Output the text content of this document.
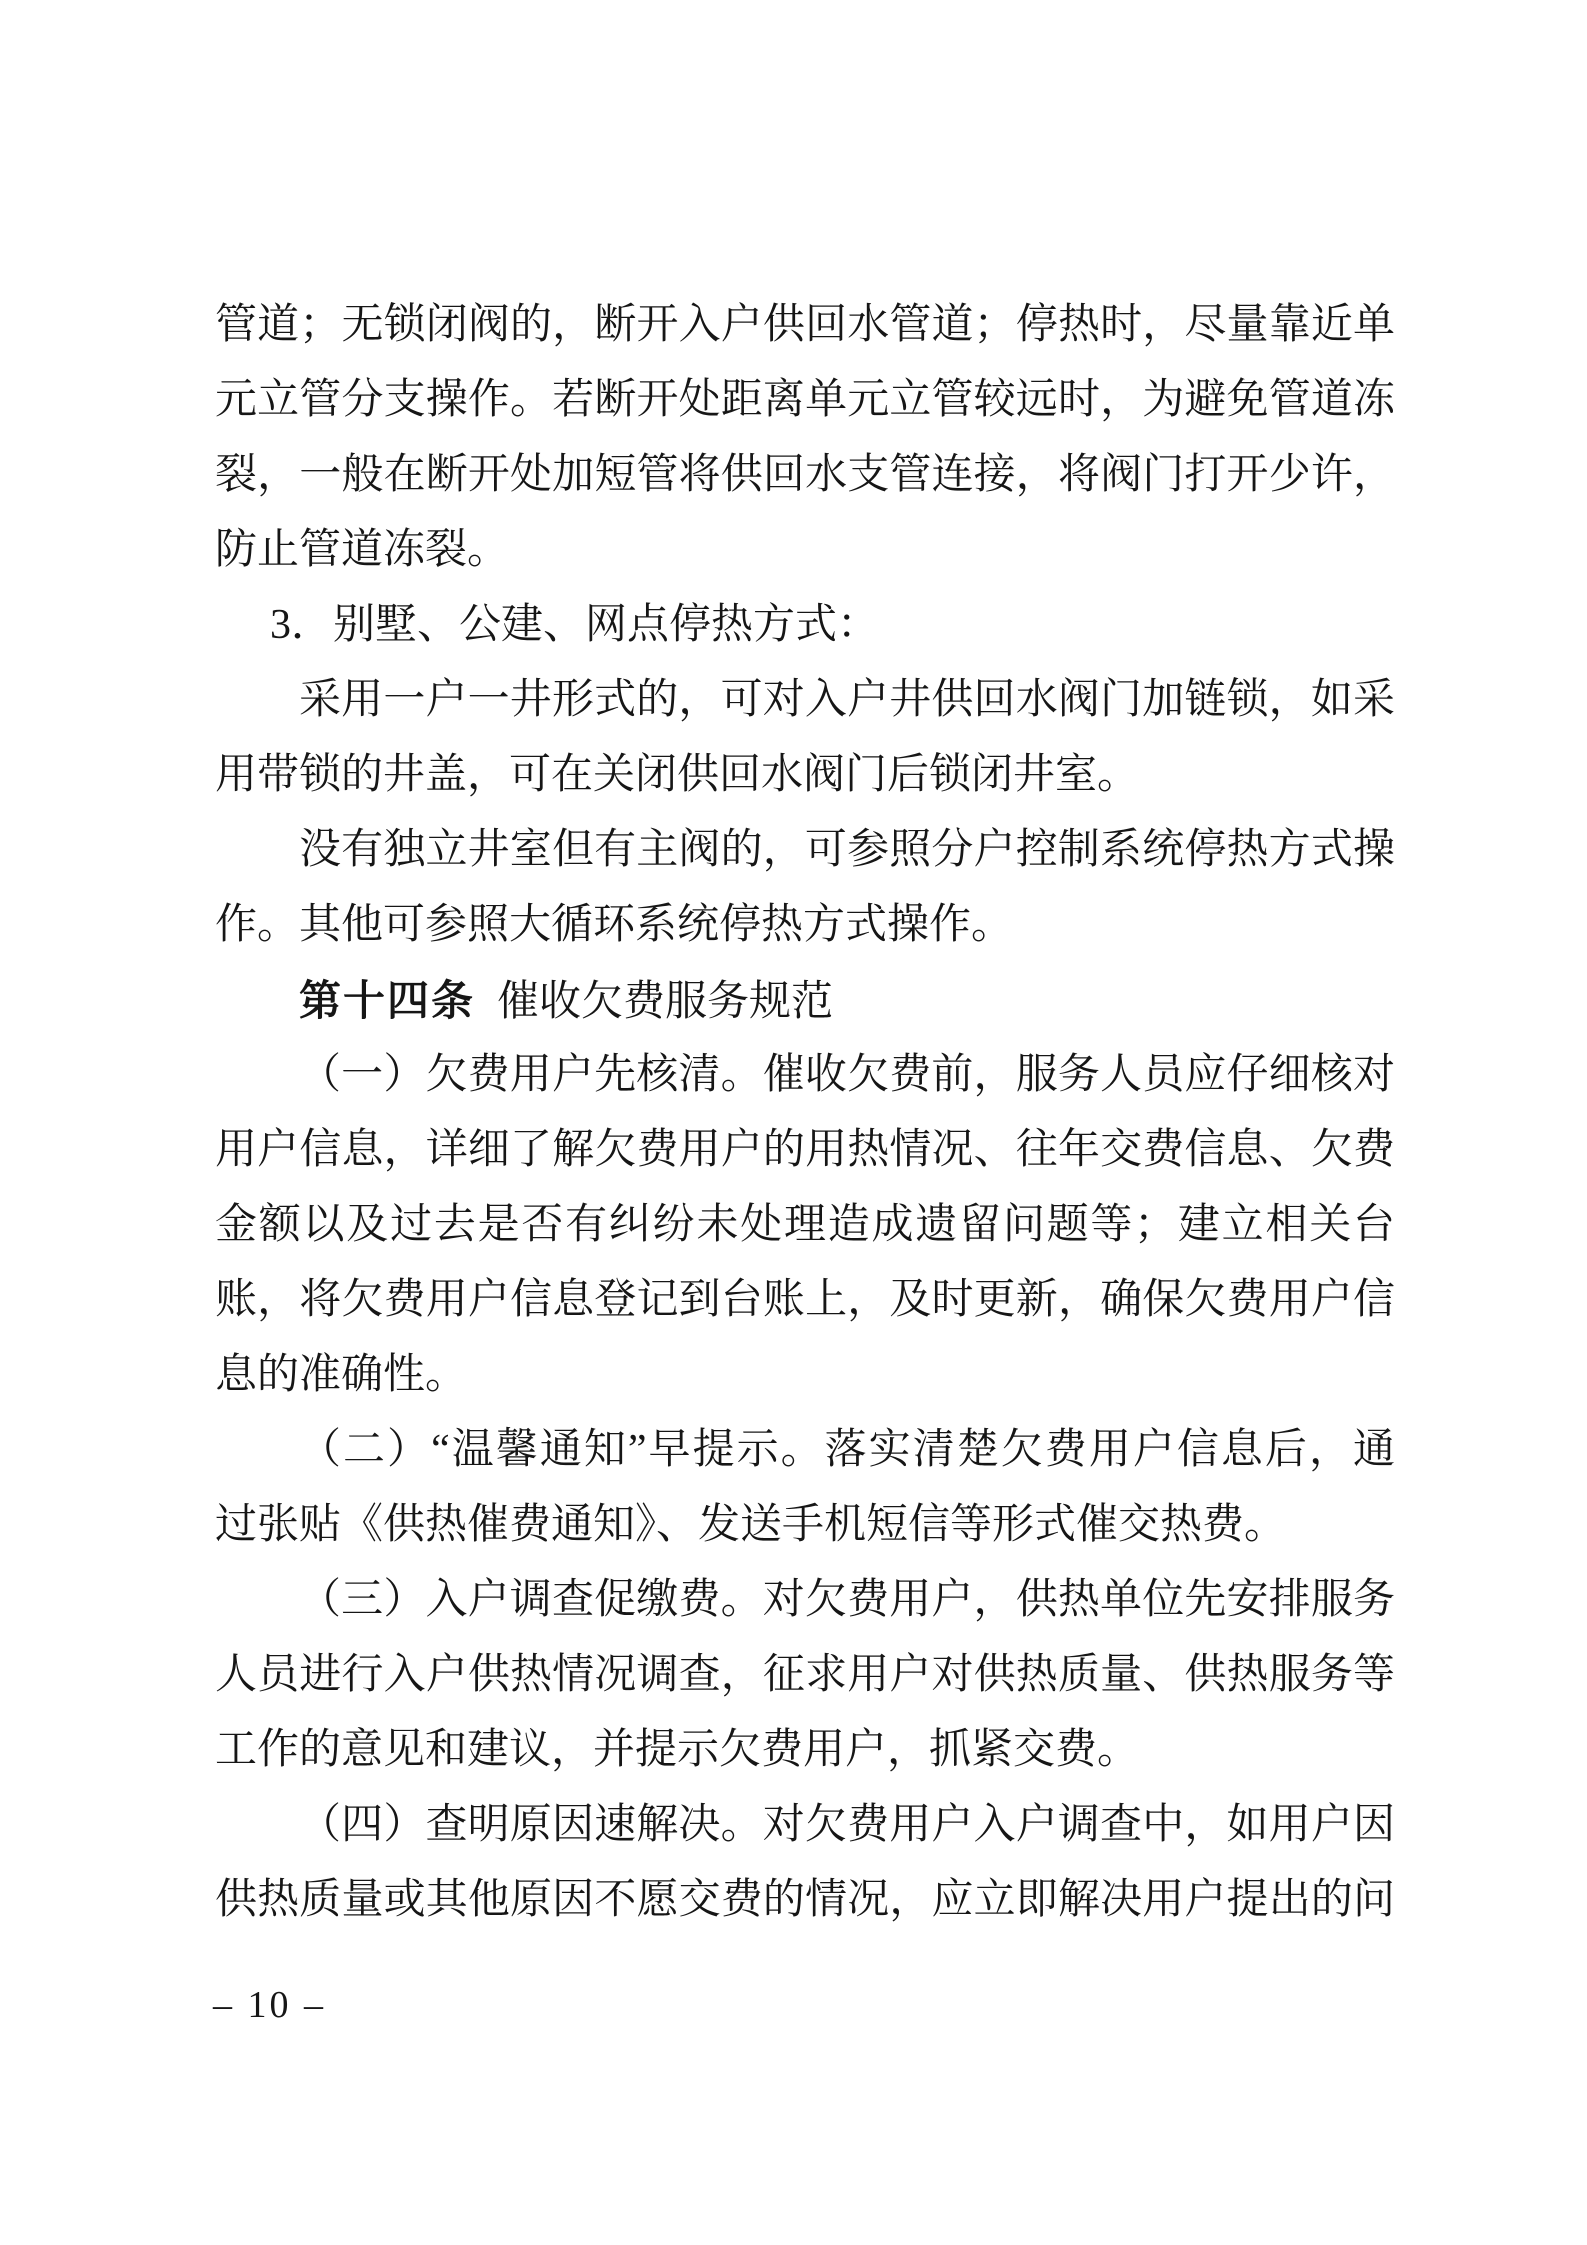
管道；无锁闭阀的，断开入户供回水管道；停热时，尽量靠近单

元立管分支操作。若断开处距离单元立管较远时，为避免管道冻

裂，一般在断开处加短管将供回水支管连接，将阀门打开少许，

防止管道冻裂。

3．别墅、公建、网点停热方式：

采用一户一井形式的，可对入户井供回水阀门加链锁，如采

用带锁的井盖，可在关闭供回水阀门后锁闭井室。

没有独立井室但有主阀的，可参照分户控制系统停热方式操

作。其他可参照大循环系统停热方式操作。

第十四条 催收欠费服务规范

（一）欠费用户先核清。催收欠费前，服务人员应仔细核对

用户信息，详细了解欠费用户的用热情况、往年交费信息、欠费

金额以及过去是否有纠纷未处理造成遗留问题等；建立相关台

账，将欠费用户信息登记到台账上，及时更新，确保欠费用户信

息的准确性。

（二）“温馨通知”早提示。落实清楚欠费用户信息后，通

过张贴《供热催费通知》、发送手机短信等形式催交热费。

（三）入户调查促缴费。对欠费用户，供热单位先安排服务

人员进行入户供热情况调查，征求用户对供热质量、供热服务等

工作的意见和建议，并提示欠费用户，抓紧交费。

（四）查明原因速解决。对欠费用户入户调查中，如用户因

供热质量或其他原因不愿交费的情况，应立即解决用户提出的问

– 10 –
